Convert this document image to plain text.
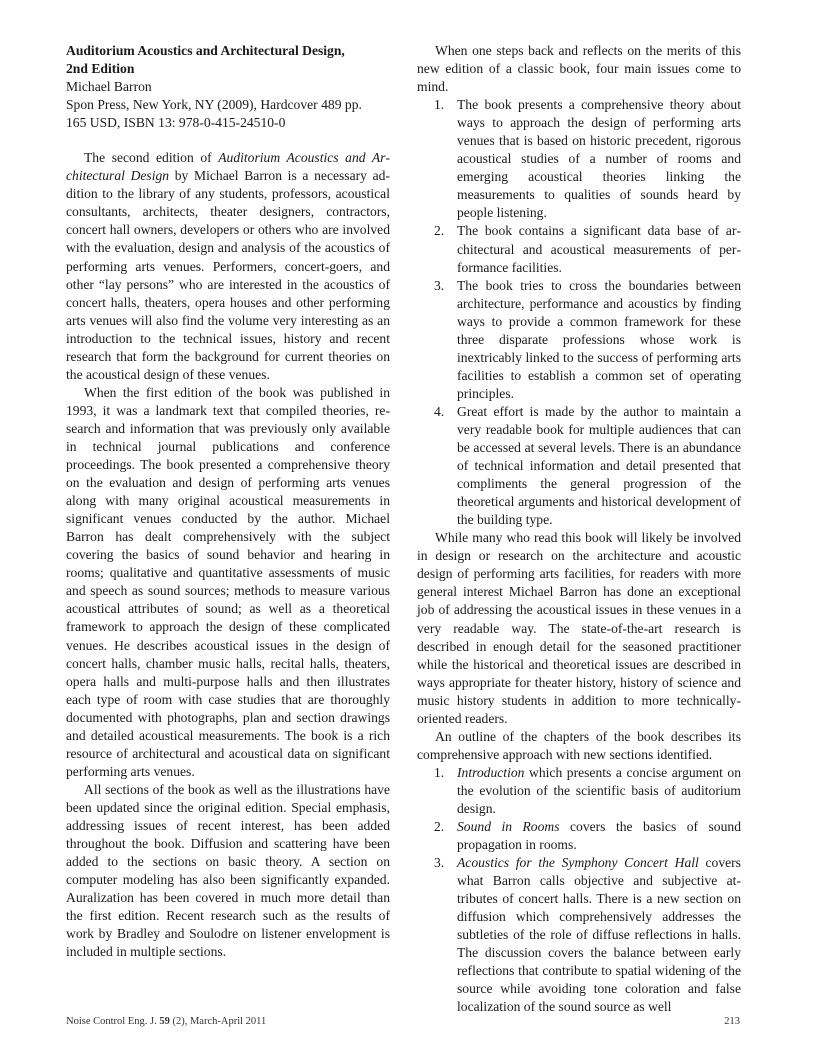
Auditorium Acoustics and Architectural Design,
2nd Edition

Michael Barron

Spon Press, New York, NY (2009), Hardcover 489 pp.

165 USD, ISBN 13: 978-0-415-24510-0

The second edition of Auditorium Acoustics and Architectural Design by Michael Barron is a necessary addition to the library of any students, professors, acoustical consultants, architects, theater designers, contractors, concert hall owners, developers or others who are involved with the evaluation, design and analysis of the acoustics of performing arts venues. Performers, concert-goers, and other “lay persons” who are interested in the acoustics of concert halls, theaters, opera houses and other performing arts venues will also find the volume very interesting as an introduction to the technical issues, history and recent research that form the background for current theories on the acoustical design of these venues.

When the first edition of the book was published in 1993, it was a landmark text that compiled theories, research and information that was previously only available in technical journal publications and conference proceedings. The book presented a comprehensive theory on the evaluation and design of performing arts venues along with many original acoustical measurements in significant venues conducted by the author. Michael Barron has dealt comprehensively with the subject covering the basics of sound behavior and hearing in rooms; qualitative and quantitative assessments of music and speech as sound sources; methods to measure various acoustical attributes of sound; as well as a theoretical framework to approach the design of these complicated venues. He describes acoustical issues in the design of concert halls, chamber music halls, recital halls, theaters, opera halls and multi-purpose halls and then illustrates each type of room with case studies that are thoroughly documented with photographs, plan and section drawings and detailed acoustical measurements. The book is a rich resource of architectural and acoustical data on significant performing arts venues.

All sections of the book as well as the illustrations have been updated since the original edition. Special emphasis, addressing issues of recent interest, has been added throughout the book. Diffusion and scattering have been added to the sections on basic theory. A section on computer modeling has also been significantly expanded. Auralization has been covered in much more detail than the first edition. Recent research such as the results of work by Bradley and Soulodre on listener envelopment is included in multiple sections.

When one steps back and reflects on the merits of this new edition of a classic book, four main issues come to mind.

1. The book presents a comprehensive theory about ways to approach the design of performing arts venues that is based on historic precedent, rigorous acoustical studies of a number of rooms and emerging acoustical theories linking the measurements to qualities of sounds heard by people listening.
2. The book contains a significant data base of architectural and acoustical measurements of performance facilities.
3. The book tries to cross the boundaries between architecture, performance and acoustics by finding ways to provide a common framework for these three disparate professions whose work is inextricably linked to the success of performing arts facilities to establish a common set of operating principles.
4. Great effort is made by the author to maintain a very readable book for multiple audiences that can be accessed at several levels. There is an abundance of technical information and detail presented that compliments the general progression of the theoretical arguments and historical development of the building type.

While many who read this book will likely be involved in design or research on the architecture and acoustic design of performing arts facilities, for readers with more general interest Michael Barron has done an exceptional job of addressing the acoustical issues in these venues in a very readable way. The state-of-the-art research is described in enough detail for the seasoned practitioner while the historical and theoretical issues are described in ways appropriate for theater history, history of science and music history students in addition to more technically-oriented readers.

An outline of the chapters of the book describes its comprehensive approach with new sections identified.

1. Introduction which presents a concise argument on the evolution of the scientific basis of auditorium design.
2. Sound in Rooms covers the basics of sound propagation in rooms.
3. Acoustics for the Symphony Concert Hall covers what Barron calls objective and subjective attributes of concert halls. There is a new section on diffusion which comprehensively addresses the subtleties of the role of diffuse reflections in halls. The discussion covers the balance between early reflections that contribute to spatial widening of the source while avoiding tone coloration and false localization of the sound source as well
Noise Control Eng. J. 59 (2), March-April 2011	213
